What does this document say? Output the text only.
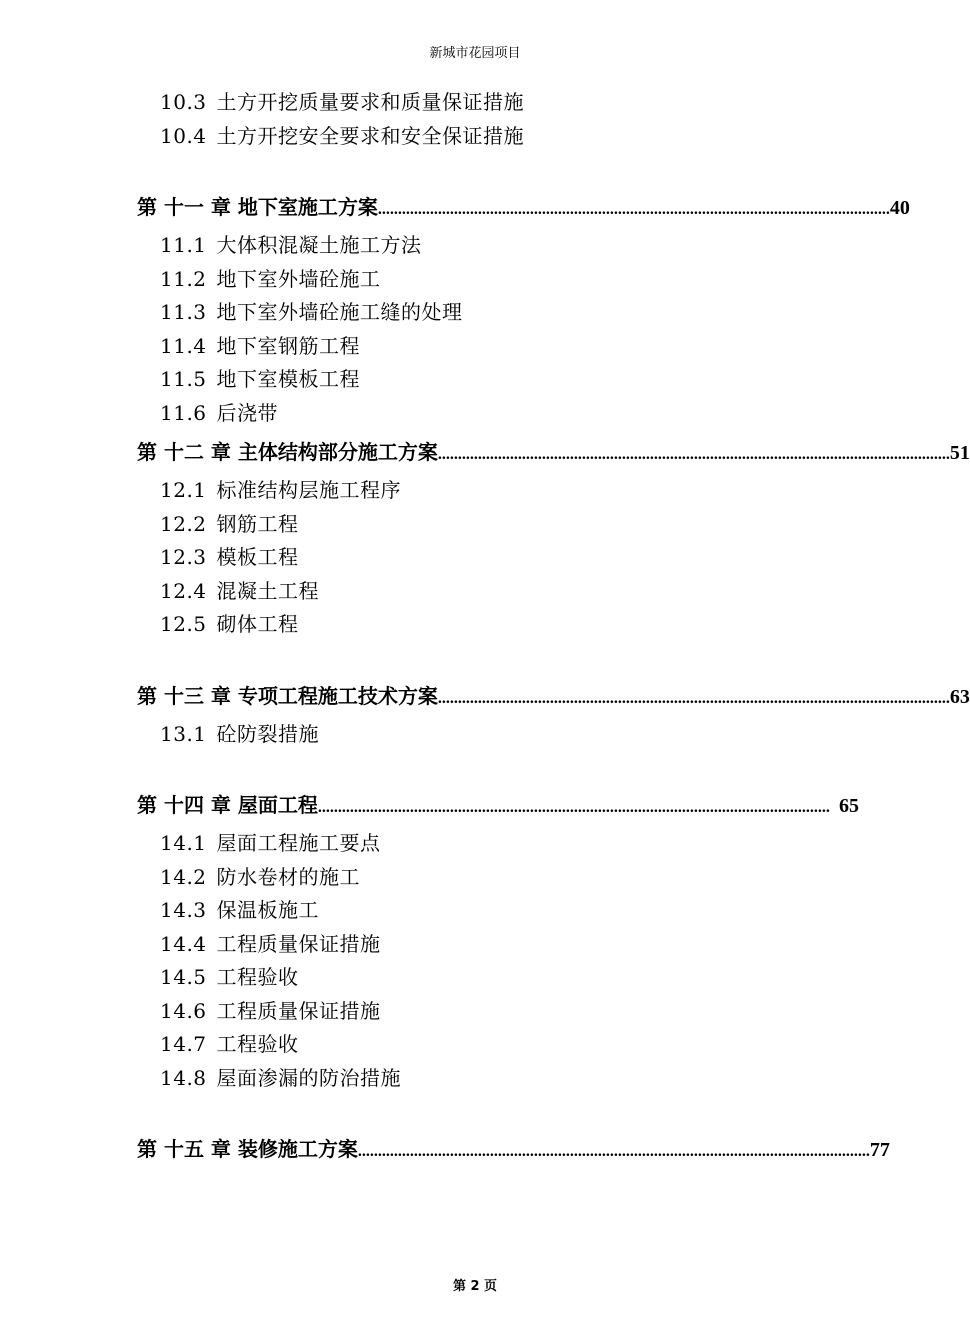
新城市花园项目
10.3 土方开挖质量要求和质量保证措施
10.4 土方开挖安全要求和安全保证措施
第 十一 章 地下室施工方案 ................................................................................................................................ 40
11.1 大体积混凝土施工方法
11.2 地下室外墙砼施工
11.3 地下室外墙砼施工缝的处理
11.4 地下室钢筋工程
11.5 地下室模板工程
11.6 后浇带
第 十二 章 主体结构部分施工方案 ................................................................................................................................ 51
12.1 标准结构层施工程序
12.2 钢筋工程
12.3 模板工程
12.4 混凝土工程
12.5 砌体工程
第 十三 章 专项工程施工技术方案 ................................................................................................................................ 63
13.1 砼防裂措施
第 十四 章 屋面工程 ................................................................................................................................ 65
14.1 屋面工程施工要点
14.2 防水卷材的施工
14.3 保温板施工
14.4 工程质量保证措施
14.5 工程验收
14.6 工程质量保证措施
14.7 工程验收
14.8 屋面渗漏的防治措施
第 十五 章 装修施工方案 ................................................................................................................................ 77
第 2 页
